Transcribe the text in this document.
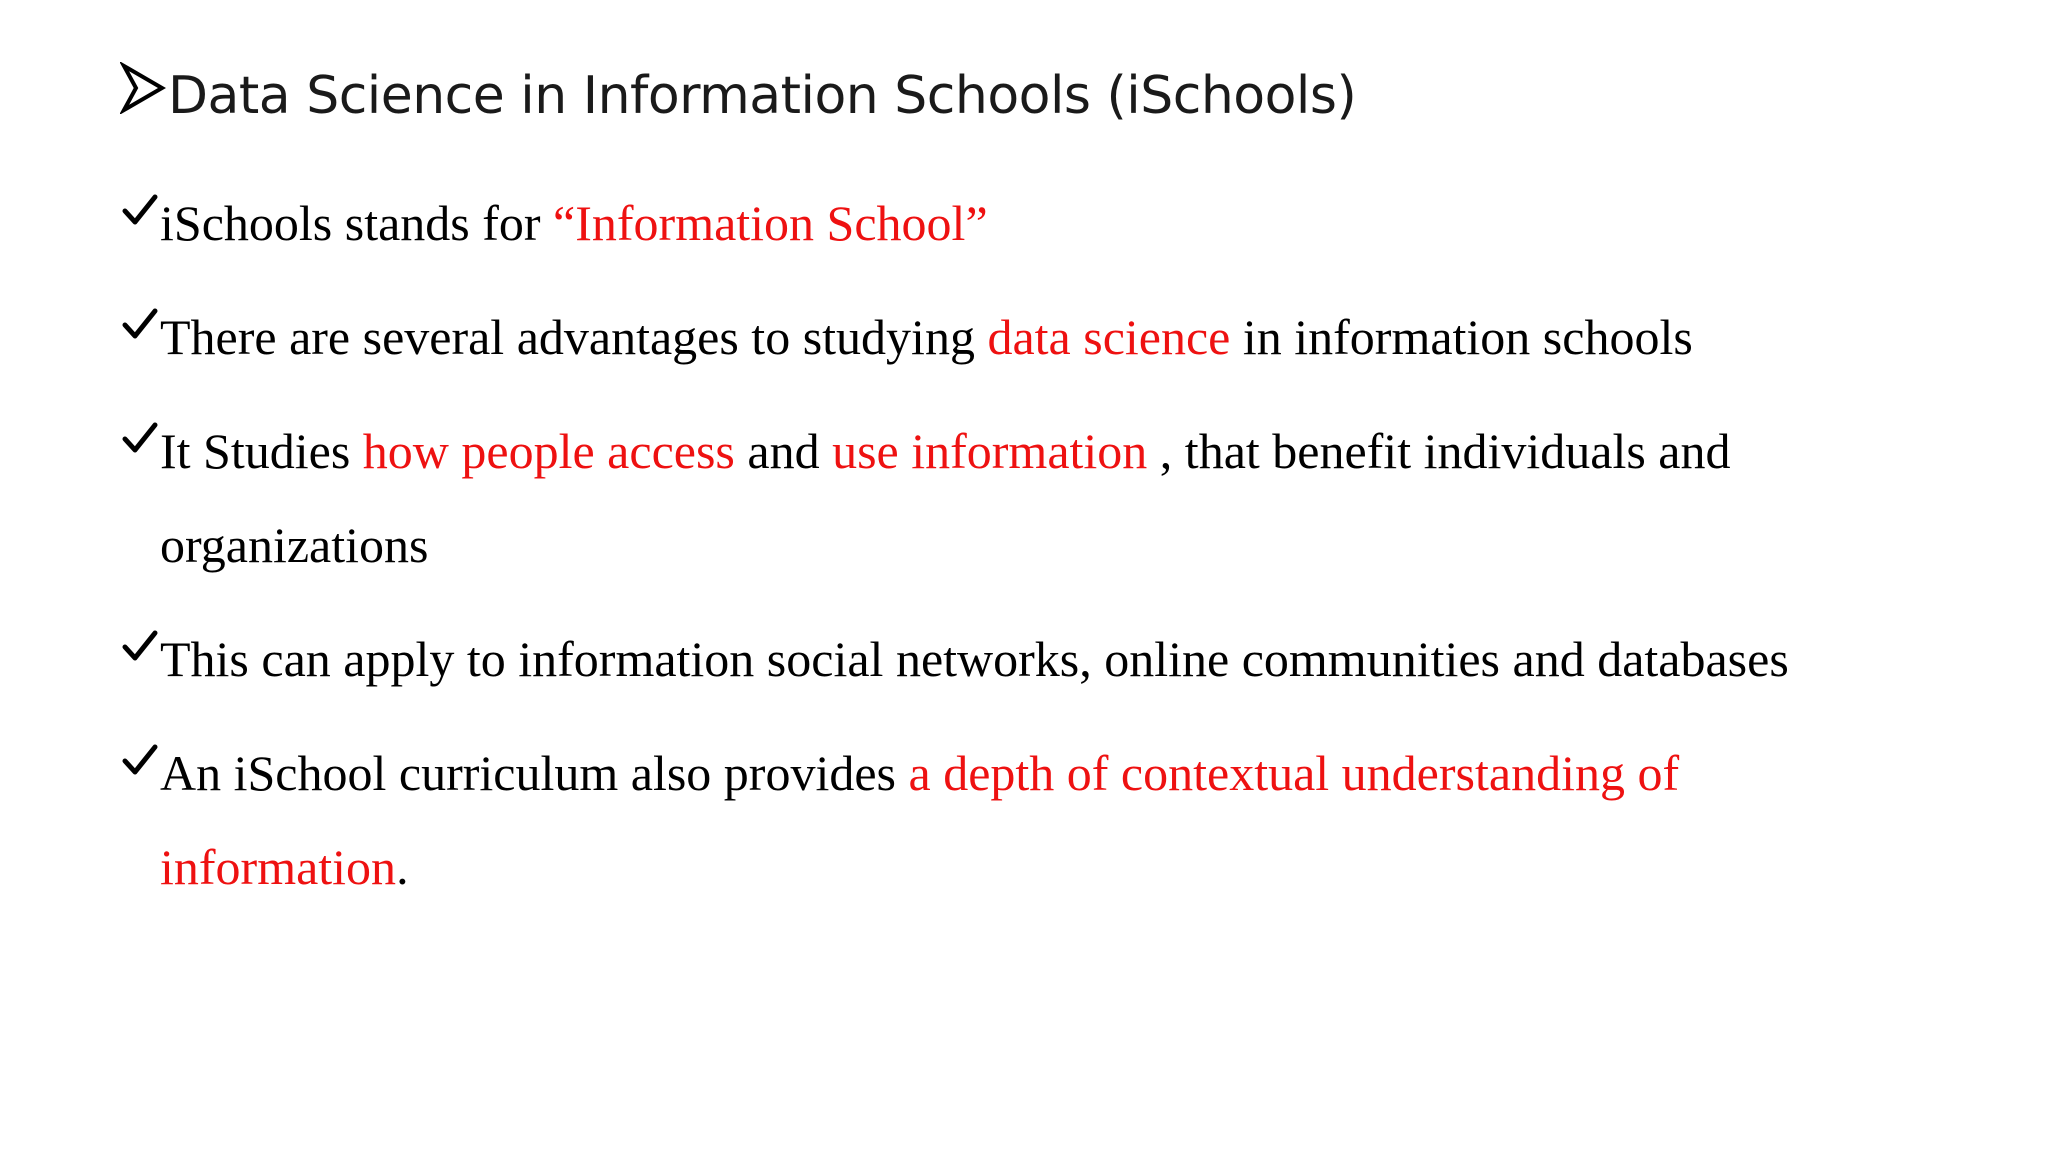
Data Science in Information Schools (iSchools)
iSchools stands for “Information School”
There are several advantages to studying data science in information schools
It Studies how people access and use information , that benefit individuals and
organizations
This can apply to information social networks, online communities and databases
An iSchool curriculum also provides a depth of contextual understanding of
information.
